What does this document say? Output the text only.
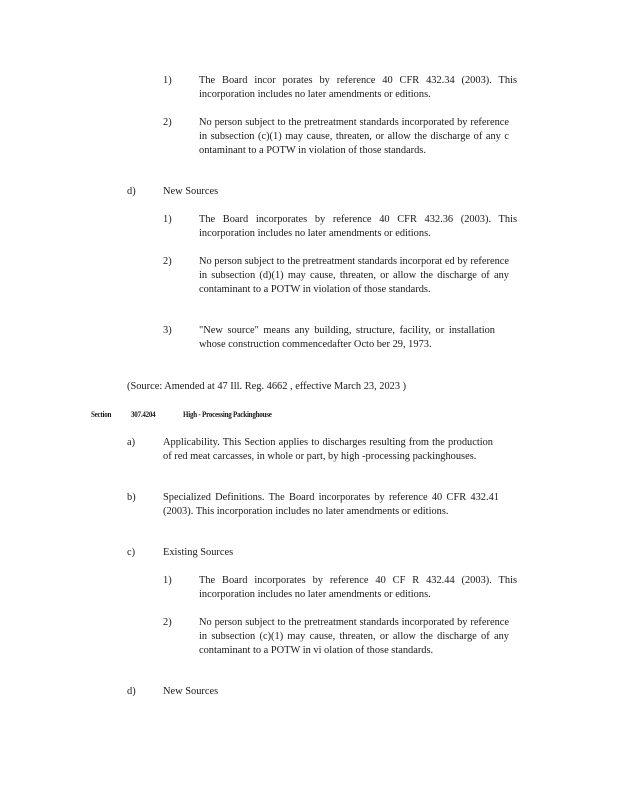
1)	The Board incor porates by reference 40 CFR 432.34 (2003). This incorporation includes no later amendments or editions.
2)	No person subject to the pretreatment standards incorporated by reference in subsection (c)(1) may cause, threaten, or allow the discharge of any c ontaminant to a POTW in violation of those standards.
d)	New Sources
1)	The Board incorporates by reference 40 CFR 432.36 (2003). This incorporation includes no later amendments or editions.
2)	No person subject to the pretreatment standards incorporat ed by reference in subsection (d)(1) may cause, threaten, or allow the discharge of any contaminant to a POTW in violation of those standards.
3)	"New source" means any building, structure, facility, or installation whose construction commencedafter Octo ber 29, 1973.
(Source: Amended at 47 Ill. Reg. 4662 , effective March 23, 2023 )
Section 307.4204	High - Processing Packinghouse
a)	Applicability. This Section applies to discharges resulting from the production of red meat carcasses, in whole or part, by high -processing packinghouses.
b)	Specialized Definitions. The Board incorporates by reference 40 CFR 432.41 (2003). This incorporation includes no later amendments or editions.
c)	Existing Sources
1)	The Board incorporates by reference 40 CF R 432.44 (2003). This incorporation includes no later amendments or editions.
2)	No person subject to the pretreatment standards incorporated by reference in subsection (c)(1) may cause, threaten, or allow the discharge of any contaminant to a POTW in vi olation of those standards.
d)	New Sources
